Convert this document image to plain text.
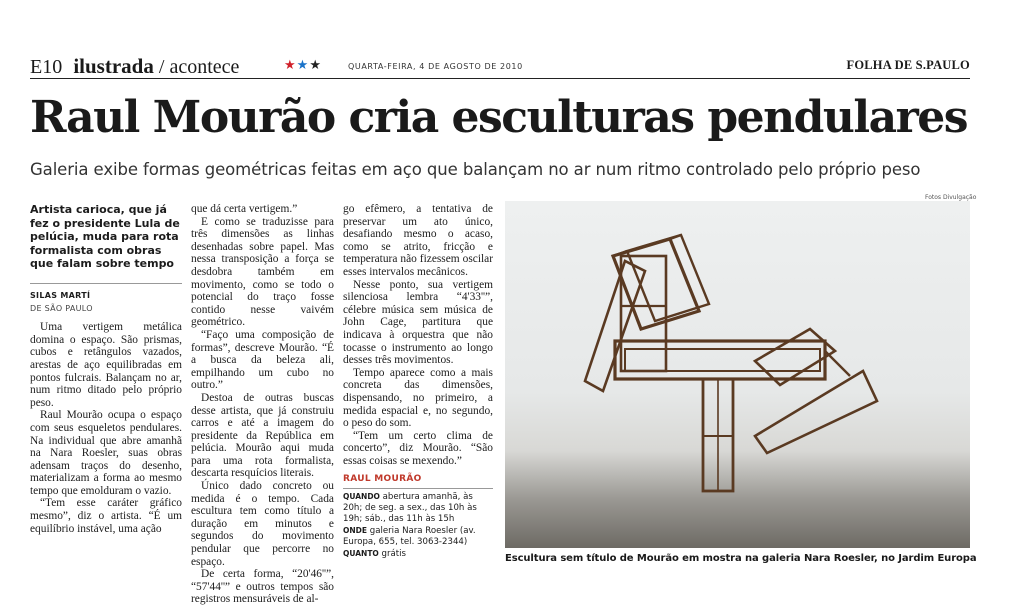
E10 ilustrada / acontece	★★★	QUARTA-FEIRA, 4 DE AGOSTO DE 2010	FOLHA DE S.PAULO
Raul Mourão cria esculturas pendulares
Galeria exibe formas geométricas feitas em aço que balançam no ar num ritmo controlado pelo próprio peso

Artista carioca, que já fez o presidente Lula de pelúcia, muda para rota formalista com obras que falam sobre tempo

SILAS MARTÍ

DE SÃO PAULO

Uma vertigem metálica domina o espaço. São prismas, cubos e retângulos vazados, arestas de aço equilibradas em pontos fulcrais. Balançam no ar, num ritmo ditado pelo próprio peso.

Raul Mourão ocupa o espaço com seus esqueletos pendulares. Na individual que abre amanhã na Nara Roesler, suas obras adensam traços do desenho, materializam a forma ao mesmo tempo que emolduram o vazio.

“Tem esse caráter gráfico mesmo”, diz o artista. “É um equilíbrio instável, uma ação

que dá certa vertigem.”

E como se traduzisse para três dimensões as linhas desenhadas sobre papel. Mas nessa transposição a força se desdobra também em movimento, como se todo o potencial do traço fosse contido nesse vaivém geométrico.

“Faço uma composição de formas”, descreve Mourão. “É a busca da beleza ali, empilhando um cubo no outro.”

Destoa de outras buscas desse artista, que já construiu carros e até a imagem do presidente da República em pelúcia. Mourão aqui muda para uma rota formalista, descarta resquícios literais.

Único dado concreto ou medida é o tempo. Cada escultura tem como título a duração em minutos e segundos do movimento pendular que percorre no espaço.

De certa forma, “20'46''”, “57'44''” e outros tempos são registros mensuráveis de al-

go efêmero, a tentativa de preservar um ato único, desafiando mesmo o acaso, como se atrito, fricção e temperatura não fizessem oscilar esses intervalos mecânicos.

Nesse ponto, sua vertigem silenciosa lembra “4'33''”, célebre música sem música de John Cage, partitura que indicava à orquestra que não tocasse o instrumento ao longo desses três movimentos.

Tempo aparece como a mais concreta das dimensões, dispensando, no primeiro, a medida espacial e, no segundo, o peso do som.

“Tem um certo clima de concerto”, diz Mourão. “São essas coisas se mexendo.”

RAUL MOURÃO
QUANDO abertura amanhã, às 20h; de seg. a sex., das 10h às 19h; sáb., das 11h às 15h
ONDE galeria Nara Roesler (av. Europa, 655, tel. 3063-2344)
QUANTO grátis
Fotos Divulgação
Escultura sem título de Mourão em mostra na galeria Nara Roesler, no Jardim Europa
